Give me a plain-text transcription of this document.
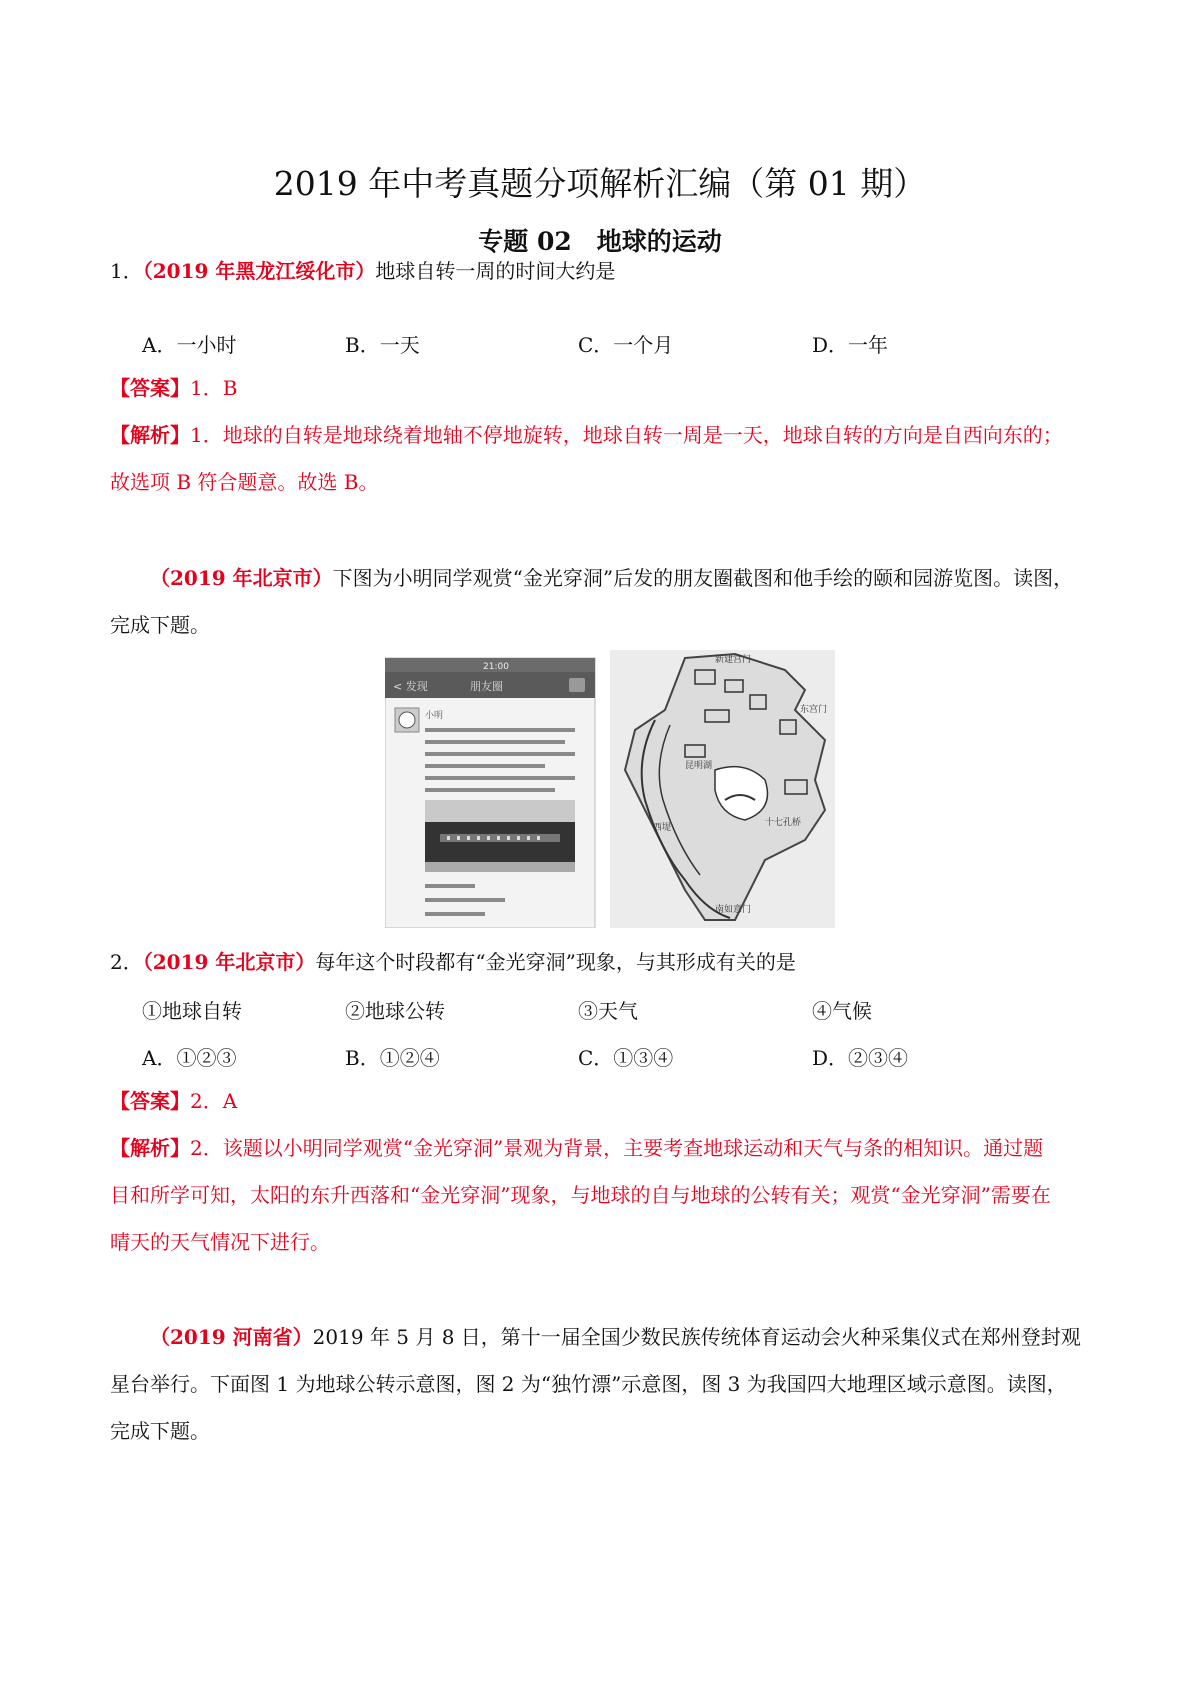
2019 年中考真题分项解析汇编（第 01 期）
专题 02　地球的运动
1．（2019 年黑龙江绥化市）地球自转一周的时间大约是
A．一小时	B．一天	C．一个月	D．一年
【答案】1．B
【解析】1．地球的自转是地球绕着地轴不停地旋转，地球自转一周是一天，地球自转的方向是自西向东的；
故选项 B 符合题意。故选 B。
（2019 年北京市）下图为小明同学观赏“金光穿洞”后发的朋友圈截图和他手绘的颐和园游览图。读图，
完成下题。
21:00
< 发现	朋友圈
小明
新建宫门
东宫门
昆明湖
西堤	十七孔桥
南如意门
2．（2019 年北京市）每年这个时段都有“金光穿洞”现象，与其形成有关的是
①地球自转	②地球公转	③天气	④气候
A．①②③	B．①②④	C．①③④	D．②③④
【答案】2．A
【解析】2．该题以小明同学观赏“金光穿洞”景观为背景，主要考查地球运动和天气与条的相知识。通过题
目和所学可知，太阳的东升西落和“金光穿洞”现象，与地球的自与地球的公转有关；观赏“金光穿洞”需要在
晴天的天气情况下进行。
（2019 河南省）2019 年 5 月 8 日，第十一届全国少数民族传统体育运动会火种采集仪式在郑州登封观
星台举行。下面图 1 为地球公转示意图，图 2 为“独竹漂”示意图，图 3 为我国四大地理区域示意图。读图，
完成下题。
